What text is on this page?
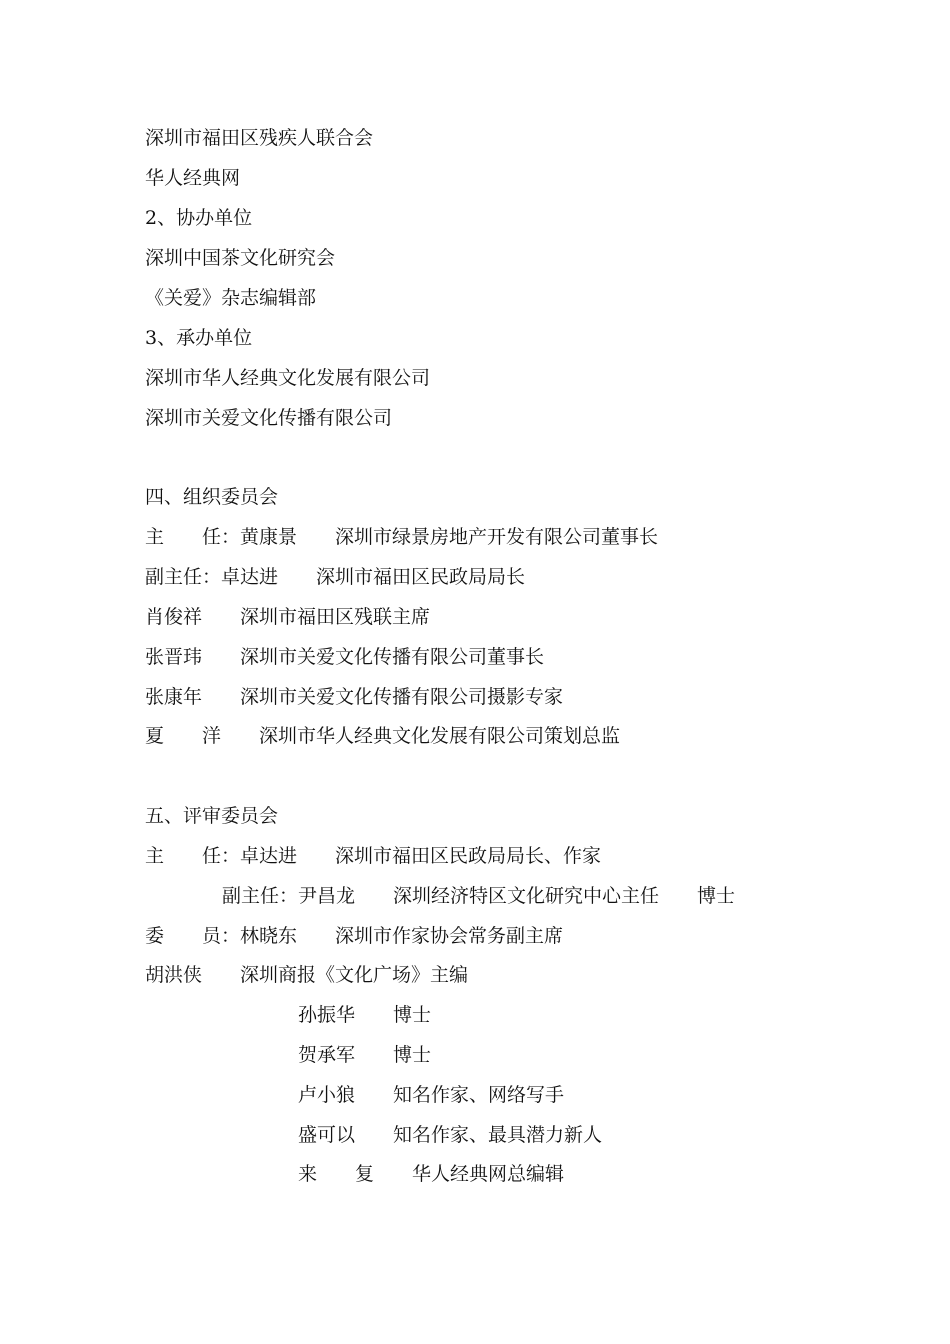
深圳市福田区残疾人联合会
华人经典网
2、协办单位
深圳中国茶文化研究会
《关爱》杂志编辑部
3、承办单位
深圳市华人经典文化发展有限公司
深圳市关爱文化传播有限公司
四、组织委员会
主　　任：黄康景　　深圳市绿景房地产开发有限公司董事长
副主任：卓达进　　深圳市福田区民政局局长
肖俊祥　　深圳市福田区残联主席
张晋玮　　深圳市关爱文化传播有限公司董事长
张康年　　深圳市关爱文化传播有限公司摄影专家
夏　　洋　　深圳市华人经典文化发展有限公司策划总监
五、评审委员会
主　　任：卓达进　　深圳市福田区民政局局长、作家
副主任：尹昌龙　　深圳经济特区文化研究中心主任　　博士
委　　员：林晓东　　深圳市作家协会常务副主席
胡洪侠　　深圳商报《文化广场》主编
孙振华　　博士
贺承军　　博士
卢小狼　　知名作家、网络写手
盛可以　　知名作家、最具潜力新人
来　　复　　华人经典网总编辑
